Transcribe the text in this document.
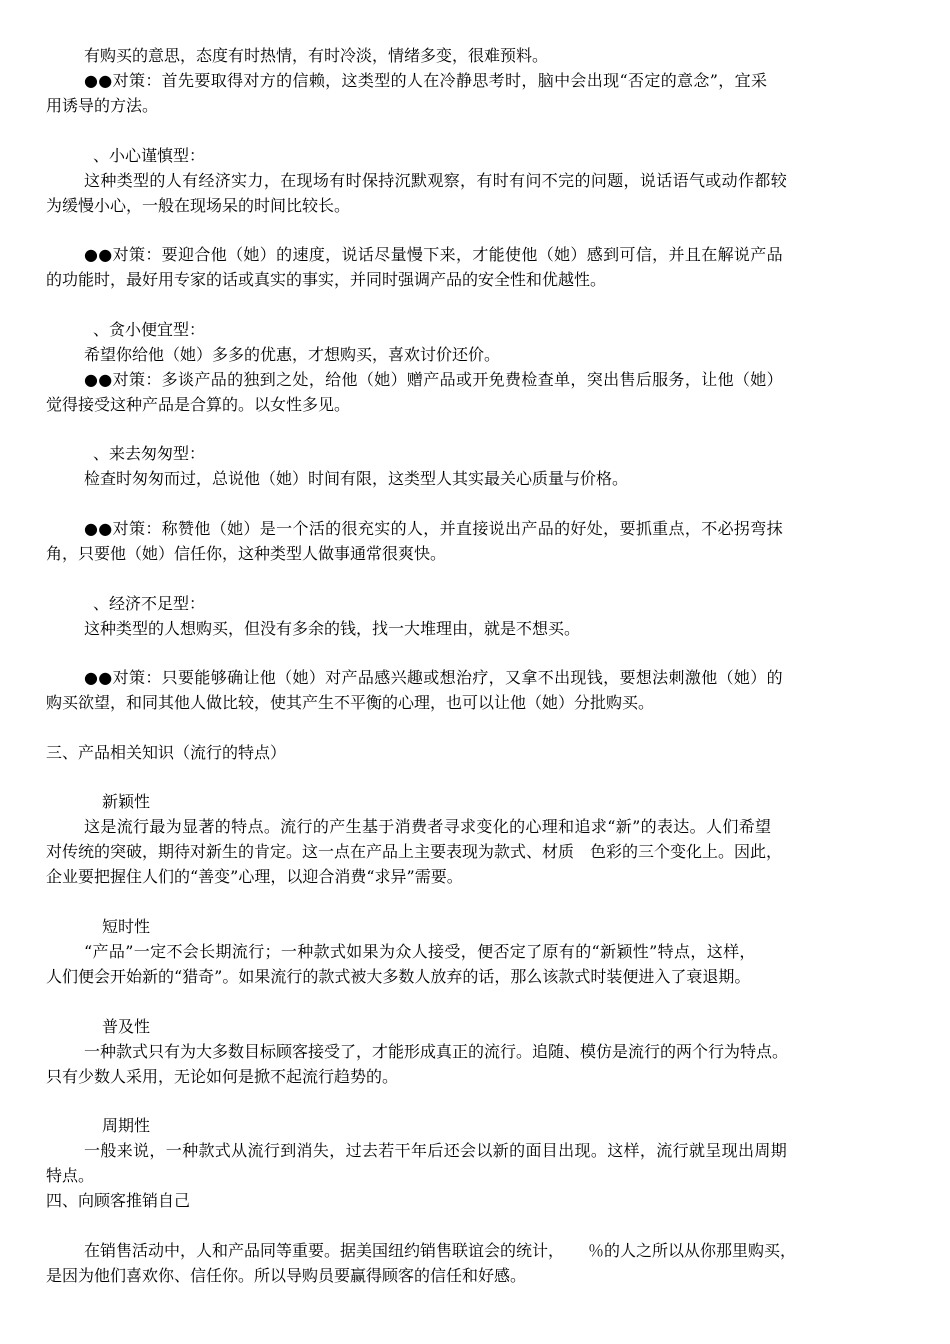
有购买的意思，态度有时热情，有时冷淡，情绪多变，很难预料。
●●对策：首先要取得对方的信赖，这类型的人在冷静思考时，脑中会出现“否定的意念”，宜采
用诱导的方法。
、小心谨慎型：
这种类型的人有经济实力，在现场有时保持沉默观察，有时有问不完的问题，说话语气或动作都较
为缓慢小心，一般在现场呆的时间比较长。
●●对策：要迎合他（她）的速度，说话尽量慢下来，才能使他（她）感到可信，并且在解说产品
的功能时，最好用专家的话或真实的事实，并同时强调产品的安全性和优越性。
、贪小便宜型：
希望你给他（她）多多的优惠，才想购买，喜欢讨价还价。
●●对策：多谈产品的独到之处，给他（她）赠产品或开免费检查单，突出售后服务，让他（她）
觉得接受这种产品是合算的。以女性多见。
、来去匆匆型：
检查时匆匆而过，总说他（她）时间有限，这类型人其实最关心质量与价格。
●●对策：称赞他（她）是一个活的很充实的人，并直接说出产品的好处，要抓重点，不必拐弯抹
角，只要他（她）信任你，这种类型人做事通常很爽快。
、经济不足型：
这种类型的人想购买，但没有多余的钱，找一大堆理由，就是不想买。
●●对策：只要能够确让他（她）对产品感兴趣或想治疗，又拿不出现钱，要想法刺激他（她）的
购买欲望，和同其他人做比较，使其产生不平衡的心理，也可以让他（她）分批购买。
三、产品相关知识（流行的特点）
新颖性
这是流行最为显著的特点。流行的产生基于消费者寻求变化的心理和追求“新”的表达。人们希望
对传统的突破，期待对新生的肯定。这一点在产品上主要表现为款式、材质　色彩的三个变化上。因此，
企业要把握住人们的“善变”心理，以迎合消费“求异”需要。
短时性
“产品”一定不会长期流行；一种款式如果为众人接受，便否定了原有的“新颖性”特点，这样，
人们便会开始新的“猎奇”。如果流行的款式被大多数人放弃的话，那么该款式时装便进入了衰退期。
普及性
一种款式只有为大多数目标顾客接受了，才能形成真正的流行。追随、模仿是流行的两个行为特点。
只有少数人采用，无论如何是掀不起流行趋势的。
周期性
一般来说，一种款式从流行到消失，过去若干年后还会以新的面目出现。这样，流行就呈现出周期
特点。
四、向顾客推销自己
在销售活动中，人和产品同等重要。据美国纽约销售联谊会的统计，　　％的人之所以从你那里购买，
是因为他们喜欢你、信任你。所以导购员要赢得顾客的信任和好感。
